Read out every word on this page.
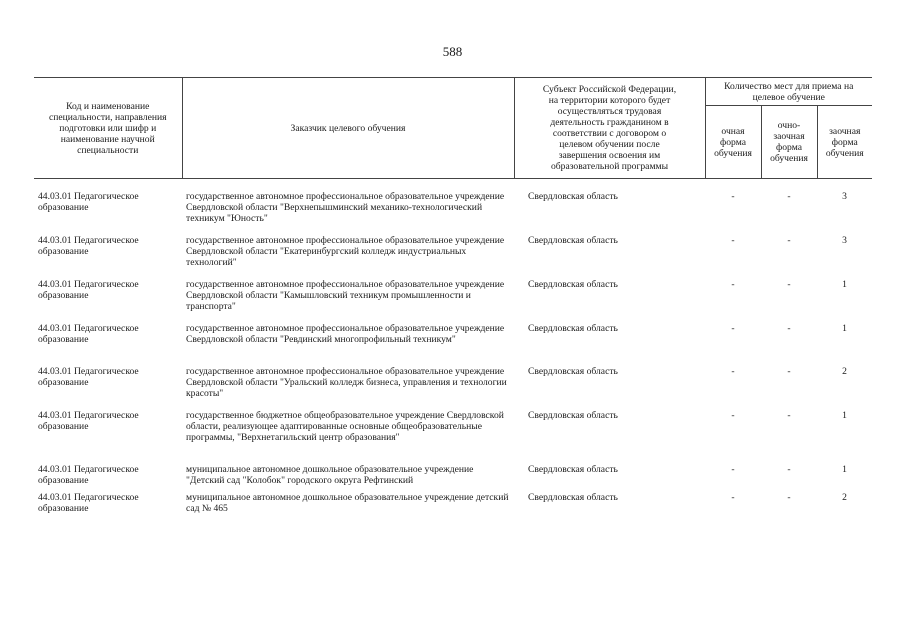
588
Код и наименование специальности, направления подготовки или шифр и наименование научной специальности	Заказчик целевого обучения	Субъект Российской Федерации, на территории которого будет осуществляться трудовая деятельность гражданином в соответствии с договором о целевом обучении после завершения освоения им образовательной программы	Количество мест для приема на целевое обучение		
			очная форма обучения	очно-заочная форма обучения	заочная форма обучения

44.03.01 Педагогическое образование	государственное автономное профессиональное образовательное учреждение Свердловской области "Верхнепышминский механико-технологический техникум "Юность"	Свердловская область	-	-	3
44.03.01 Педагогическое образование	государственное автономное профессиональное образовательное учреждение Свердловской области "Екатеринбургский колледж индустриальных технологий"	Свердловская область	-	-	3
44.03.01 Педагогическое образование	государственное автономное профессиональное образовательное учреждение Свердловской области "Камышловский техникум промышленности и транспорта"	Свердловская область	-	-	1
44.03.01 Педагогическое образование	государственное автономное профессиональное образовательное учреждение Свердловской области "Ревдинский многопрофильный техникум"	Свердловская область	-	-	1
44.03.01 Педагогическое образование	государственное автономное профессиональное образовательное учреждение Свердловской области "Уральский колледж бизнеса, управления и технологии красоты"	Свердловская область	-	-	2
44.03.01 Педагогическое образование	государственное бюджетное общеобразовательное учреждение Свердловской области, реализующее адаптированные основные общеобразовательные программы, "Верхнетагильский центр образования"	Свердловская область	-	-	1
44.03.01 Педагогическое образование	муниципальное автономное дошкольное образовательное учреждение "Детский сад "Колобок" городского округа Рефтинский	Свердловская область	-	-	1
44.03.01 Педагогическое образование	муниципальное автономное дошкольное образовательное учреждение детский сад № 465	Свердловская область	-	-	2
